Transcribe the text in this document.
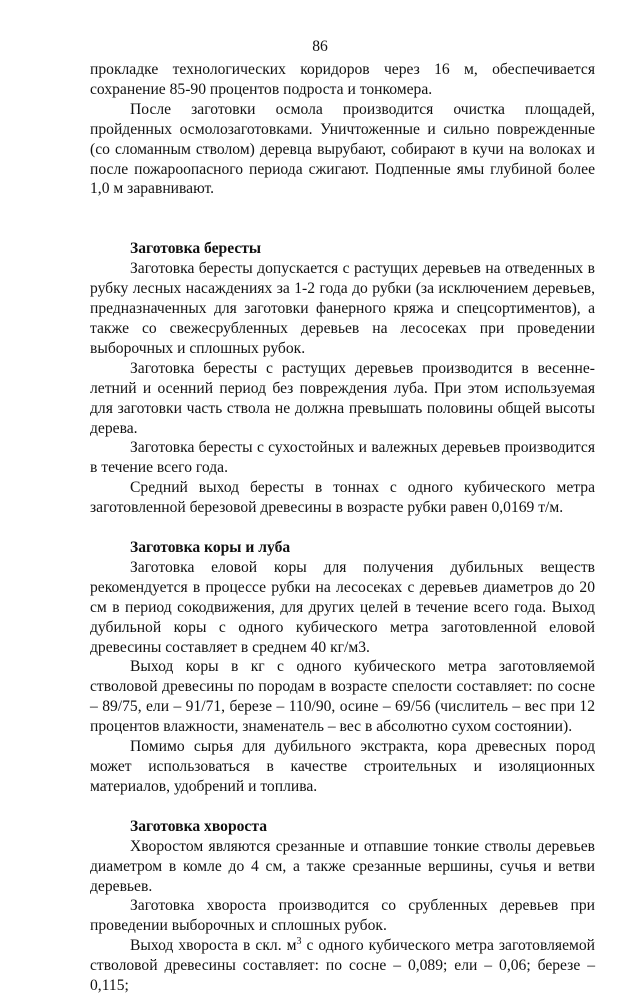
86

прокладке технологических коридоров через 16 м, обеспечивается сохранение 85-90 процентов подроста и тонкомера.

После заготовки осмола производится очистка площадей, пройденных осмолозаготовками. Уничтоженные и сильно поврежденные (со сломанным стволом) деревца вырубают, собирают в кучи на волоках и после пожароопасного периода сжигают. Подпенные ямы глубиной более 1,0 м заравнивают.

Заготовка бересты

Заготовка бересты допускается с растущих деревьев на отведенных в рубку лесных насаждениях за 1-2 года до рубки (за исключением деревьев, предназначенных для заготовки фанерного кряжа и спецсортиментов), а также со свежесрубленных деревьев на лесосеках при проведении выборочных и сплошных рубок.

Заготовка бересты с растущих деревьев производится в весенне-летний и осенний период без повреждения луба. При этом используемая для заготовки часть ствола не должна превышать половины общей высоты дерева.

Заготовка бересты с сухостойных и валежных деревьев производится в течение всего года.

Средний выход бересты в тоннах с одного кубического метра заготовленной березовой древесины в возрасте рубки равен 0,0169 т/м.

Заготовка коры и луба

Заготовка еловой коры для получения дубильных веществ рекомендуется в процессе рубки на лесосеках с деревьев диаметров до 20 см в период сокодвижения, для других целей в течение всего года. Выход дубильной коры с одного кубического метра заготовленной еловой древесины составляет в среднем 40 кг/м3.

Выход коры в кг с одного кубического метра заготовляемой стволовой древесины по породам в возрасте спелости составляет: по сосне – 89/75, ели – 91/71, березе – 110/90, осине – 69/56 (числитель – вес при 12 процентов влажности, знаменатель – вес в абсолютно сухом состоянии).

Помимо сырья для дубильного экстракта, кора древесных пород может использоваться в качестве строительных и изоляционных материалов, удобрений и топлива.

Заготовка хвороста

Хворостом являются срезанные и отпавшие тонкие стволы деревьев диаметром в комле до 4 см, а также срезанные вершины, сучья и ветви деревьев.

Заготовка хвороста производится со срубленных деревьев при проведении выборочных и сплошных рубок.

Выход хвороста в скл. $м^3$ с одного кубического метра заготовляемой стволовой древесины составляет: по сосне – 0,089; ели – 0,06; березе – 0,115;
